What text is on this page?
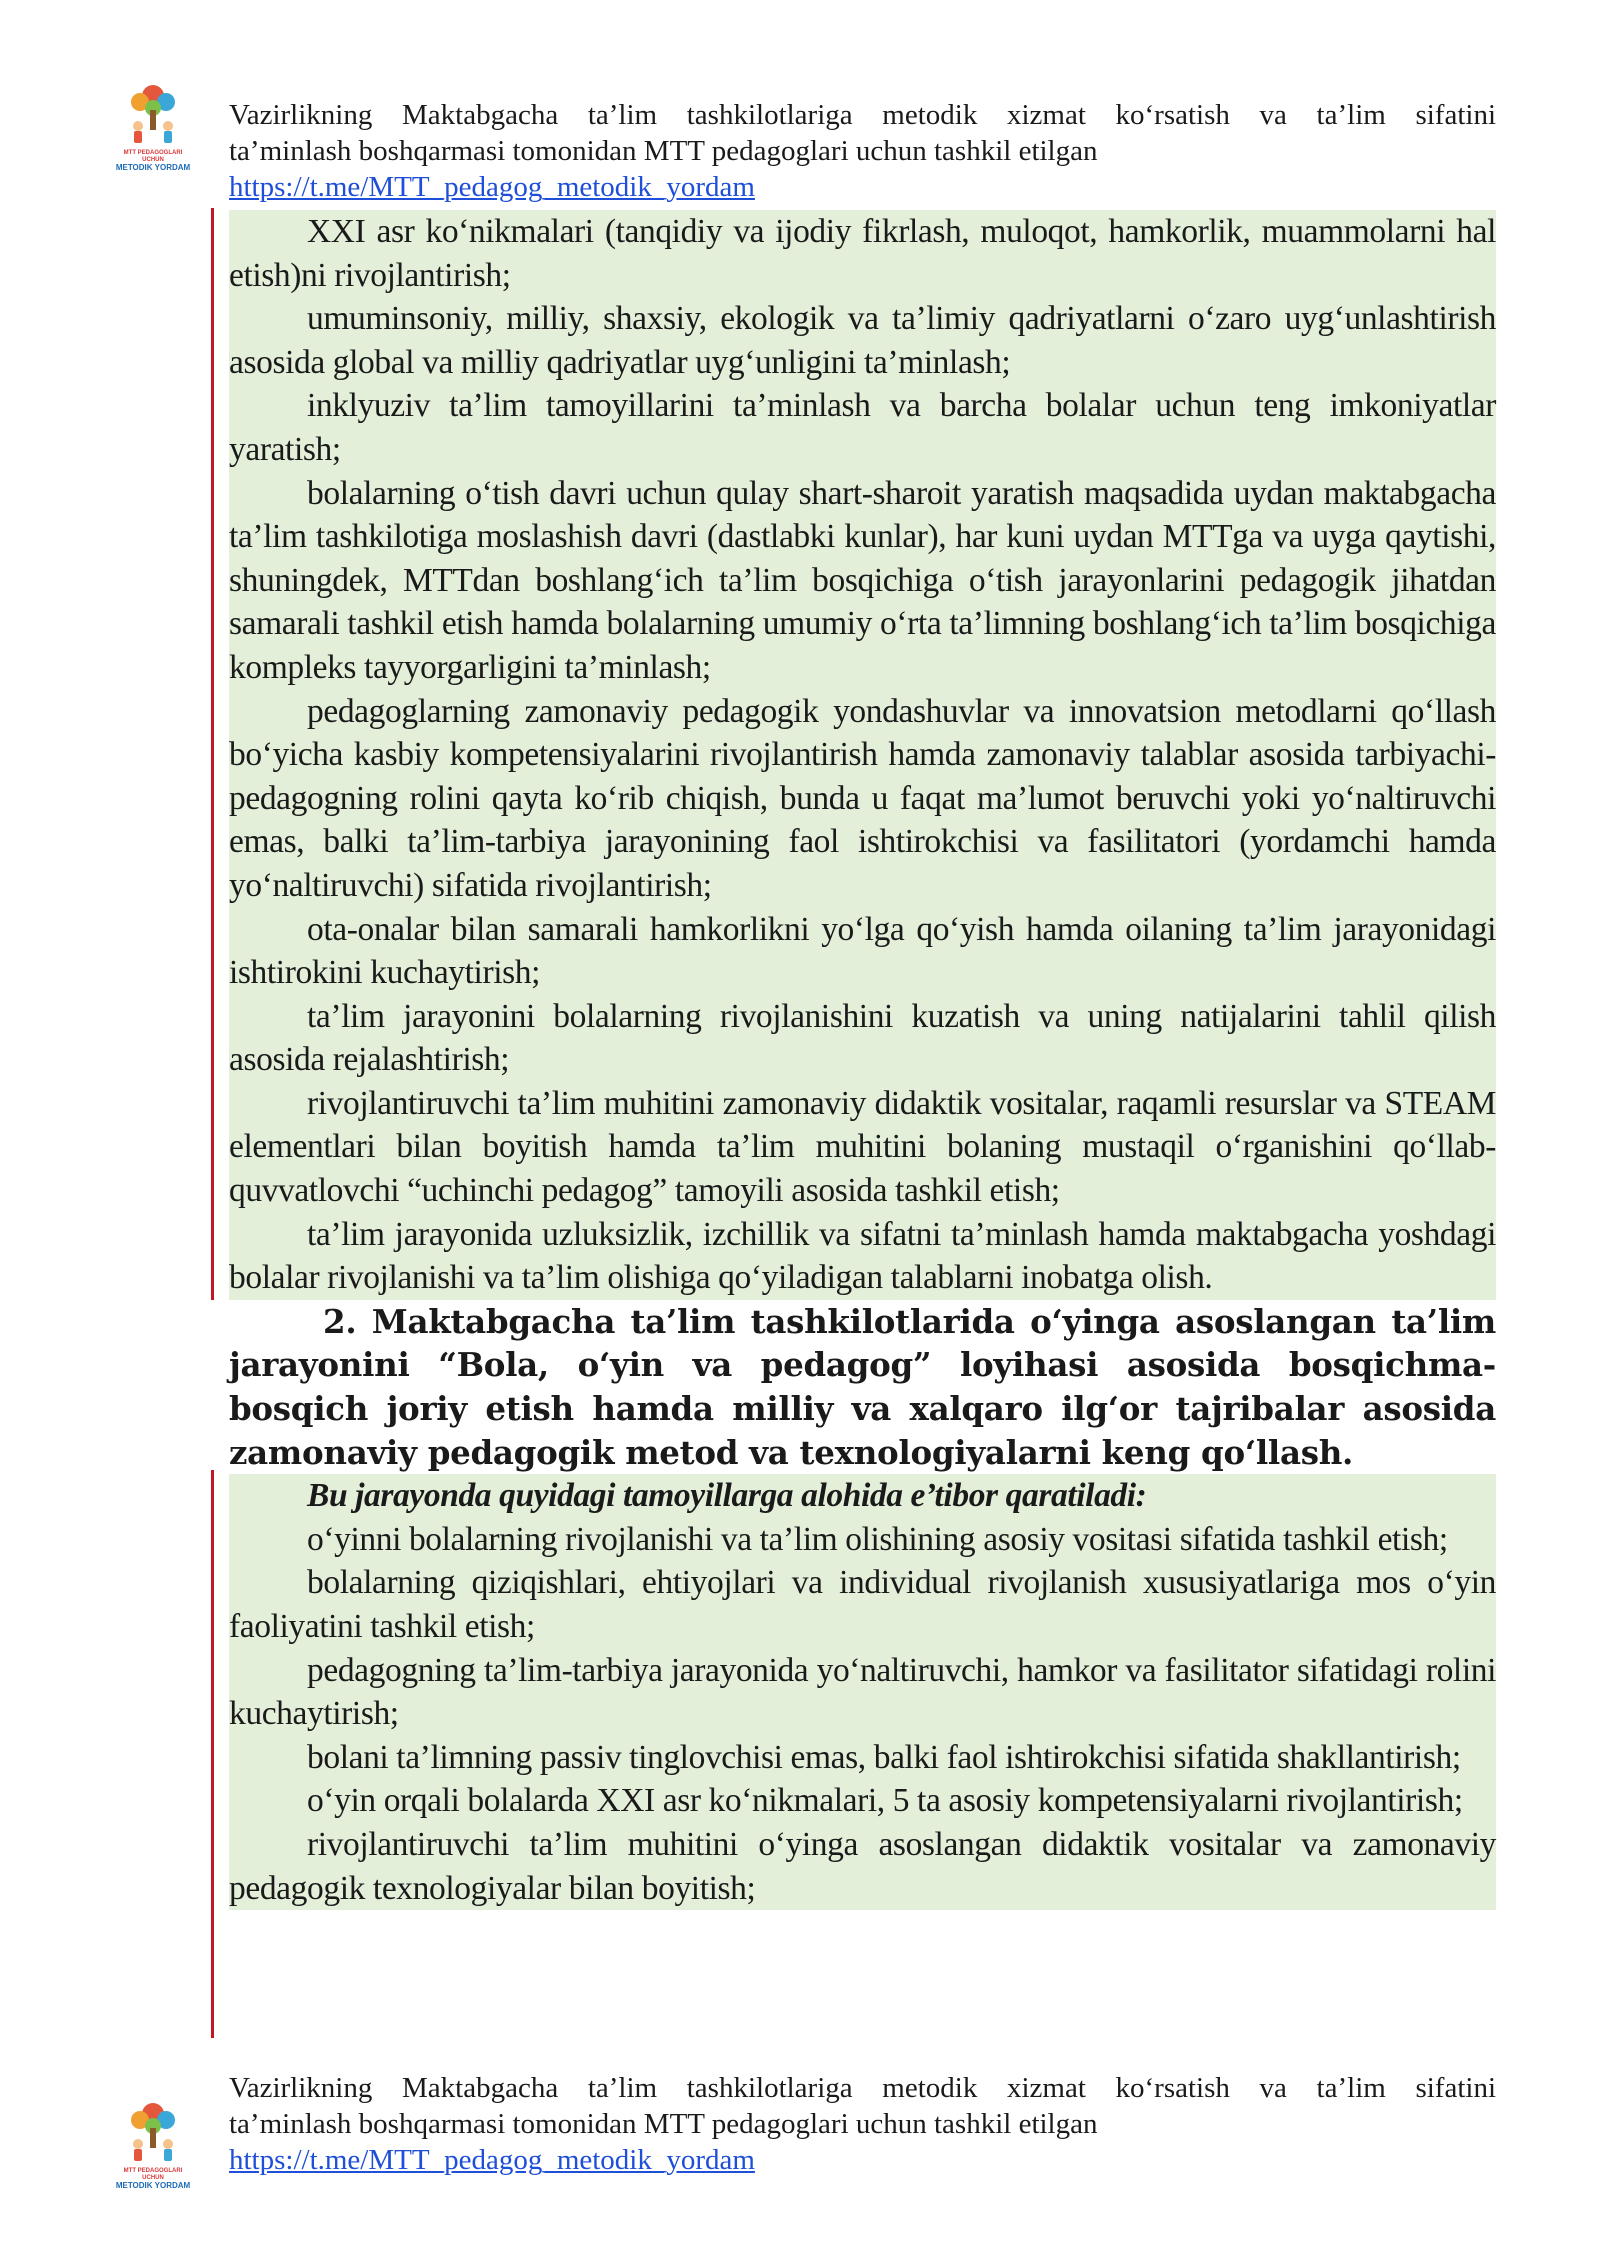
MTT PEDAGOGLARI
UCHUN
METODIK YORDAM
Vazirlikning Maktabgacha ta’lim tashkilotlariga metodik xizmat ko‘rsatish va ta’lim sifatini
ta’minlash boshqarmasi tomonidan MTT pedagoglari uchun tashkil etilgan
https://t.me/MTT_pedagog_metodik_yordam

XXI asr ko‘nikmalari (tanqidiy va ijodiy fikrlash, muloqot, hamkorlik, muammolarni hal etish)ni rivojlantirish;

umuminsoniy, milliy, shaxsiy, ekologik va ta’limiy qadriyatlarni o‘zaro uyg‘unlashtirish asosida global va milliy qadriyatlar uyg‘unligini ta’minlash;

inklyuziv ta’lim tamoyillarini ta’minlash va barcha bolalar uchun teng imkoniyatlar yaratish;

bolalarning o‘tish davri uchun qulay shart-sharoit yaratish maqsadida uydan maktabgacha ta’lim tashkilotiga moslashish davri (dastlabki kunlar), har kuni uydan MTTga va uyga qaytishi, shuningdek, MTTdan boshlang‘ich ta’lim bosqichiga o‘tish jarayonlarini pedagogik jihatdan samarali tashkil etish hamda bolalarning umumiy o‘rta ta’limning boshlang‘ich ta’lim bosqichiga kompleks tayyorgarligini ta’minlash;

pedagoglarning zamonaviy pedagogik yondashuvlar va innovatsion metodlarni qo‘llash bo‘yicha kasbiy kompetensiyalarini rivojlantirish hamda zamonaviy talablar asosida tarbiyachi-pedagogning rolini qayta ko‘rib chiqish, bunda u faqat ma’lumot beruvchi yoki yo‘naltiruvchi emas, balki ta’lim-tarbiya jarayonining faol ishtirokchisi va fasilitatori (yordamchi hamda yo‘naltiruvchi) sifatida rivojlantirish;

ota-onalar bilan samarali hamkorlikni yo‘lga qo‘yish hamda oilaning ta’lim jarayonidagi ishtirokini kuchaytirish;

ta’lim jarayonini bolalarning rivojlanishini kuzatish va uning natijalarini tahlil qilish asosida rejalashtirish;

rivojlantiruvchi ta’lim muhitini zamonaviy didaktik vositalar, raqamli resurslar va STEAM elementlari bilan boyitish hamda ta’lim muhitini bolaning mustaqil o‘rganishini qo‘llab-quvvatlovchi “uchinchi pedagog” tamoyili asosida tashkil etish;

ta’lim jarayonida uzluksizlik, izchillik va sifatni ta’minlash hamda maktabgacha yoshdagi bolalar rivojlanishi va ta’lim olishiga qo‘yiladigan talablarni inobatga olish.

2. Maktabgacha ta’lim tashkilotlarida o‘yinga asoslangan ta’lim jarayonini “Bola, o‘yin va pedagog” loyihasi asosida bosqichma-bosqich joriy etish hamda milliy va xalqaro ilg‘or tajribalar asosida zamonaviy pedagogik metod va texnologiyalarni keng qo‘llash.

Bu jarayonda quyidagi tamoyillarga alohida e’tibor qaratiladi:

o‘yinni bolalarning rivojlanishi va ta’lim olishining asosiy vositasi sifatida tashkil etish;

bolalarning qiziqishlari, ehtiyojlari va individual rivojlanish xususiyatlariga mos o‘yin faoliyatini tashkil etish;

pedagogning ta’lim-tarbiya jarayonida yo‘naltiruvchi, hamkor va fasilitator sifatidagi rolini kuchaytirish;

bolani ta’limning passiv tinglovchisi emas, balki faol ishtirokchisi sifatida shakllantirish;

o‘yin orqali bolalarda XXI asr ko‘nikmalari, 5 ta asosiy kompetensiyalarni rivojlantirish;

rivojlantiruvchi ta’lim muhitini o‘yinga asoslangan didaktik vositalar va zamonaviy pedagogik texnologiyalar bilan boyitish;

MTT PEDAGOGLARI
UCHUN
METODIK YORDAM
Vazirlikning Maktabgacha ta’lim tashkilotlariga metodik xizmat ko‘rsatish va ta’lim sifatini
ta’minlash boshqarmasi tomonidan MTT pedagoglari uchun tashkil etilgan
https://t.me/MTT_pedagog_metodik_yordam
